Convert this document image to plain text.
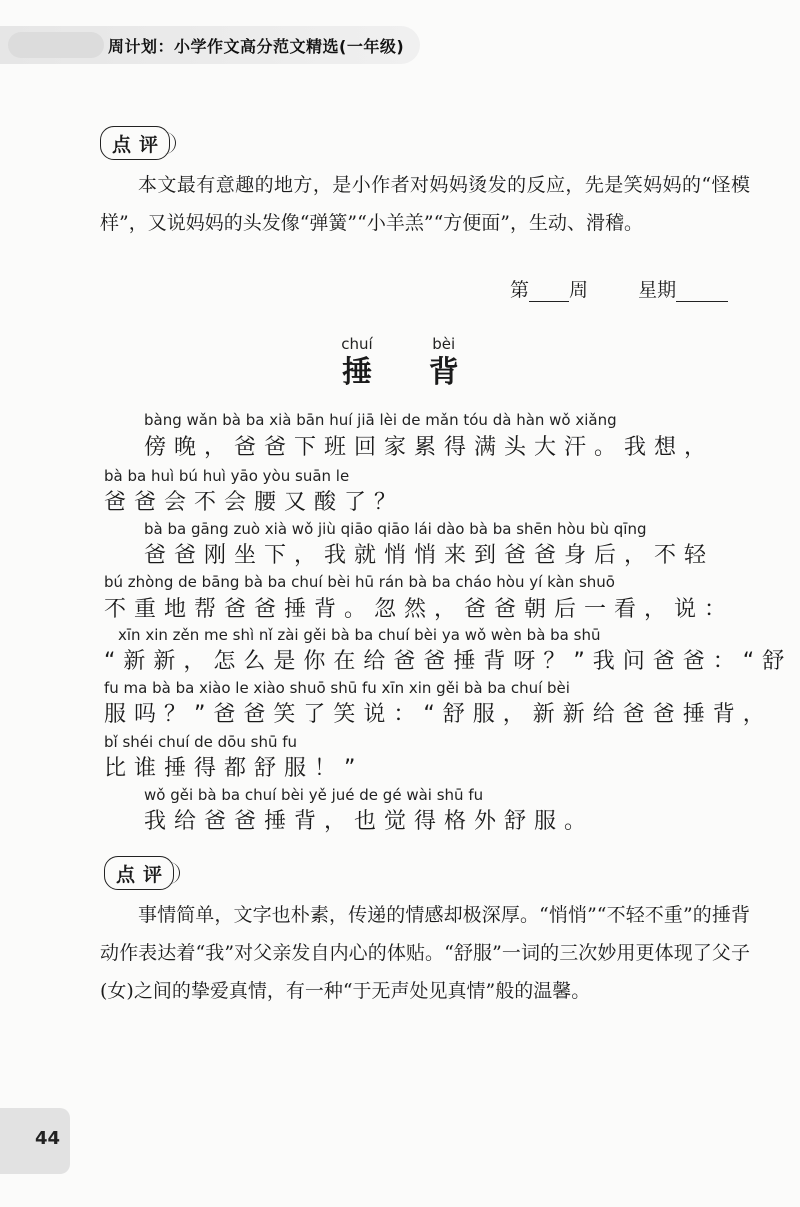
周计划：小学作文高分范文精选(一年级)
点评

本文最有意趣的地方，是小作者对妈妈烫发的反应，先是笑妈妈的“怪模样”，又说妈妈的头发像“弹簧”“小羊羔”“方便面”，生动、滑稽。

第 周	星期
chuí
捶
bèi
背
bàng wǎn bà ba xià bān huí jiā lèi de mǎn tóu dà hàn wǒ xiǎng
傍晚，爸爸下班回家累得满头大汗。我想，
bà ba huì bú huì yāo yòu suān le
爸爸会不会腰又酸了？
bà ba gāng zuò xià wǒ jiù qiāo qiāo lái dào bà ba shēn hòu bù qīng
爸爸刚坐下，我就悄悄来到爸爸身后，不轻
bú zhòng de bāng bà ba chuí bèi hū rán bà ba cháo hòu yí kàn shuō
不重地帮爸爸捶背。忽然，爸爸朝后一看，说：
xīn xin zěn me shì nǐ zài gěi bà ba chuí bèi ya wǒ wèn bà ba shū
“新新，怎么是你在给爸爸捶背呀？”我问爸爸：“舒
fu ma bà ba xiào le xiào shuō shū fu xīn xin gěi bà ba chuí bèi
服吗？”爸爸笑了笑说：“舒服，新新给爸爸捶背，
bǐ shéi chuí de dōu shū fu
比谁捶得都舒服！”
wǒ gěi bà ba chuí bèi yě jué de gé wài shū fu
我给爸爸捶背，也觉得格外舒服。
点评

事情简单，文字也朴素，传递的情感却极深厚。“悄悄”“不轻不重”的捶背动作表达着“我”对父亲发自内心的体贴。“舒服”一词的三次妙用更体现了父子(女)之间的挚爱真情，有一种“于无声处见真情”般的温馨。

44
